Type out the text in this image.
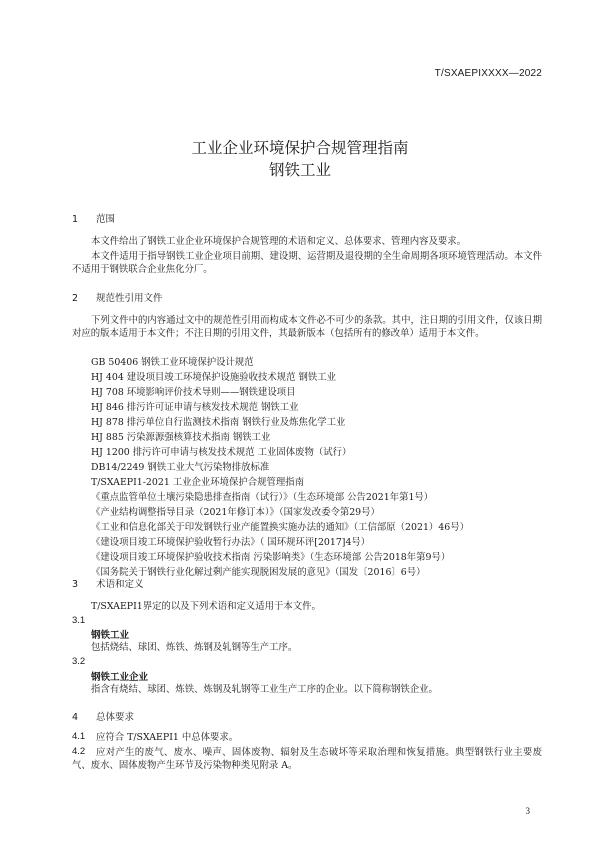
T/SXAEPIXXXX—2022
工业企业环境保护合规管理指南
钢铁工业
1 范围
本文件给出了钢铁工业企业环境保护合规管理的术语和定义、总体要求、管理内容及要求。
本文件适用于指导钢铁工业企业项目前期、建设期、运营期及退役期的全生命周期各项环境管理活动。本文件不适用于钢铁联合企业焦化分厂。
2 规范性引用文件
下列文件中的内容通过文中的规范性引用而构成本文件必不可少的条款。其中，注日期的引用文件，仅该日期对应的版本适用于本文件；不注日期的引用文件，其最新版本（包括所有的修改单）适用于本文件。
GB 50406 钢铁工业环境保护设计规范
HJ 404 建设项目竣工环境保护设施验收技术规范 钢铁工业
HJ 708 环境影响评价技术导则——钢铁建设项目
HJ 846 排污许可证申请与核发技术规范 钢铁工业
HJ 878 排污单位自行监测技术指南 钢铁行业及炼焦化学工业
HJ 885 污染源源强核算技术指南 钢铁工业
HJ 1200 排污许可申请与核发技术规范 工业固体废物（试行）
DB14/2249 钢铁工业大气污染物排放标准
T/SXAEPI1-2021 工业企业环境保护合规管理指南
《重点监管单位土壤污染隐患排查指南（试行）》（生态环境部 公告2021年第1号）
《产业结构调整指导目录（2021年修订本）》（国家发改委令第29号）
《工业和信息化部关于印发钢铁行业产能置换实施办法的通知》（工信部原（2021）46号）
《建设项目竣工环境保护验收暂行办法》（ 国环规环评[2017]4号）
《建设项目竣工环境保护验收技术指南 污染影响类》（生态环境部 公告2018年第9号）
《国务院关于钢铁行业化解过剩产能实现脱困发展的意见》（国发〔2016〕6号）
3 术语和定义
T/SXAEPI1界定的以及下列术语和定义适用于本文件。
3.1
钢铁工业
包括烧结、球团、炼铁、炼钢及轧钢等生产工序。
3.2
钢铁工业企业
指含有烧结、球团、炼铁、炼钢及轧钢等工业生产工序的企业。以下简称钢铁企业。
4 总体要求
4.1 应符合 T/SXAEPI1 中总体要求。
4.2	应对产生的废气、废水、噪声、固体废物、辐射及生态破坏等采取治理和恢复措施。典型钢铁行业主要废气、废水、固体废物产生环节及污染物种类见附录 A。
3
